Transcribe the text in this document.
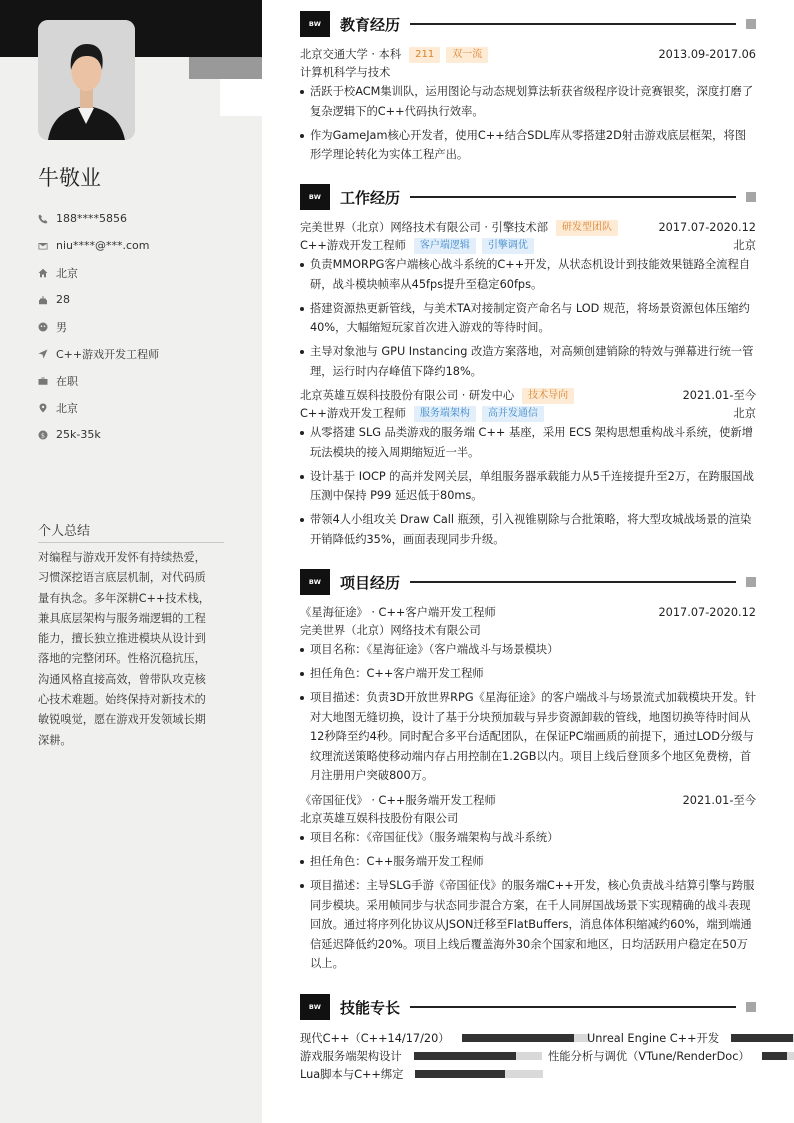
牛敬业
188****5856
niu****@***.com
北京
28
男
C++游戏开发工程师
在职
北京
$ 25k-35k
个人总结
对编程与游戏开发怀有持续热爱，
习惯深挖语言底层机制，对代码质
量有执念。多年深耕C++技术栈，
兼具底层架构与服务端逻辑的工程
能力，擅长独立推进模块从设计到
落地的完整闭环。性格沉稳抗压，
沟通风格直接高效，曾带队攻克核
心技术难题。始终保持对新技术的
敏锐嗅觉，愿在游戏开发领域长期
深耕。
BW	教育经历
北京交通大学 · 本科	211	双一流	2013.09-2017.06
计算机科学与技术
活跃于校ACM集训队，运用图论与动态规划算法斩获省级程序设计竞赛银奖，深度打磨了复杂逻辑下的C++代码执行效率。
作为GameJam核心开发者，使用C++结合SDL库从零搭建2D射击游戏底层框架，将图形学理论转化为实体工程产出。
BW	工作经历
完美世界（北京）网络技术有限公司 · 引擎技术部	研发型团队	2017.07-2020.12
C++游戏开发工程师	客户端逻辑	引擎调优	北京
负责MMORPG客户端核心战斗系统的C++开发，从状态机设计到技能效果链路全流程自研，战斗模块帧率从45fps提升至稳定60fps。
搭建资源热更新管线，与美术TA对接制定资产命名与 LOD 规范，将场景资源包体压缩约40%，大幅缩短玩家首次进入游戏的等待时间。
主导对象池与 GPU Instancing 改造方案落地，对高频创建销除的特效与弹幕进行统一管理，运行时内存峰值下降约18%。
北京英雄互娱科技股份有限公司 · 研发中心	技术导向	2021.01-至今
C++游戏开发工程师	服务端架构	高并发通信	北京
从零搭建 SLG 品类游戏的服务端 C++ 基座，采用 ECS 架构思想重构战斗系统，使新增玩法模块的接入周期缩短近一半。
设计基于 IOCP 的高并发网关层，单组服务器承载能力从5千连接提升至2万，在跨服国战压测中保持 P99 延迟低于80ms。
带领4人小组攻关 Draw Call 瓶颈，引入视锥剔除与合批策略，将大型攻城战场景的渲染开销降低约35%，画面表现同步升级。
BW	项目经历
《星海征途》 · C++客户端开发工程师	2017.07-2020.12
完美世界（北京）网络技术有限公司
项目名称：《星海征途》（客户端战斗与场景模块）
担任角色：C++客户端开发工程师
项目描述：负责3D开放世界RPG《星海征途》的客户端战斗与场景流式加载模块开发。针对大地图无缝切换，设计了基于分块预加载与异步资源卸载的管线，地图切换等待时间从12秒降至约4秒。同时配合多平台适配团队，在保证PC端画质的前提下，通过LOD分级与纹理流送策略使移动端内存占用控制在1.2GB以内。项目上线后登顶多个地区免费榜，首月注册用户突破800万。
《帝国征伐》 · C++服务端开发工程师	2021.01-至今
北京英雄互娱科技股份有限公司
项目名称：《帝国征伐》（服务端架构与战斗系统）
担任角色：C++服务端开发工程师
项目描述：主导SLG手游《帝国征伐》的服务端C++开发，核心负责战斗结算引擎与跨服同步模块。采用帧同步与状态同步混合方案，在千人同屏国战场景下实现精确的战斗表现回放。通过将序列化协议从JSON迁移至FlatBuffers，消息体体积缩减约60%，端到端通信延迟降低约20%。项目上线后覆盖海外30余个国家和地区，日均活跃用户稳定在50万以上。
BW	技能专长
现代C++（C++14/17/20）	Unreal Engine C++开发
游戏服务端架构设计	性能分析与调优（VTune/RenderDoc）
Lua脚本与C++绑定
